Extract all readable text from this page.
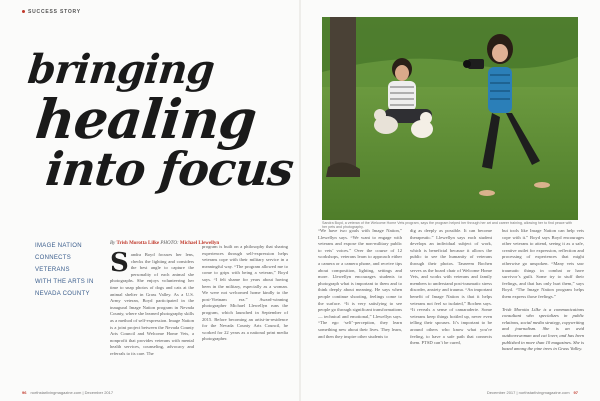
SUCCESS STORY
bringing
healing
into focus
IMAGE NATION
CONNECTS VETERANS
WITH THE ARTS IN
NEVADA COUNTY
By Trish Morotta Lilke PHOTO: Michael Llewellyn
Sandra Boyd focuses her lens, checks the lighting and considers the best angle to capture the personality of each animal she photographs. She enjoys volunteering her time to snap photos of dogs and cats at the animal shelter in Grass Valley. As a U.S. Army veteran, Boyd participated in the inaugural Image Nation program in Nevada County, where she learned photography skills as a method of self-expression. Image Nation is a joint project between the Nevada County Arts Council and Welcome Home Vets, a nonprofit that provides veterans with mental health services, counseling, advocacy and referrals to its care. The
program is built on a philosophy that sharing experiences through self-expression helps veterans cope with their military service in a meaningful way. “The program allowed me to come to grips with being a veteran,” Boyd says. “I felt shame for years about having been in the military, especially as a woman. We were not welcomed home kindly to the post-Vietnam era.” Award-winning photographer Michael Llewellyn runs the program, which launched in September of 2015. Before becoming an artist-in-residence for the Nevada County Arts Council, he worked for 22 years as a national print media photographer.
96 northstarlivingmagazine.com | December 2017
Sandra Boyd, a veteran of the Welcome Home Vets program, says the program helped her through her art and career training, allowing her to find peace with her pets and photography.
“We have two goals with Image Nation,” Llewellyn says. “We want to engage with veterans and expose the non-military public to vets’ voices.” Over the course of 12 workshops, veterans learn to approach either a camera or a camera phone, and receive tips about composition, lighting, settings and more. Llewellyn encourages students to photograph what is important to them and to think deeply about meaning. He says when people continue shooting, feelings come to the surface. “It is very satisfying to see people go through significant transformations — technical and emotional,” Llewellyn says. “The ego ‘self’-perception, they learn something new about their lives. They learn, and then they inspire other students to
dig as deeply as possible. It can become therapeutic.” Llewellyn says each student develops an individual subject of work, which is beneficial because it allows the public to see the humanity of veterans through their photos. Tasneem Bochen serves as the board chair of Welcome Home Vets, and works with veterans and family members to understand post-traumatic stress disorder, anxiety and trauma. “An important benefit of Image Nation is that it helps veterans not feel so isolated,” Bochen says. “It reveals a sense of camaraderie. Some veterans keep things bottled up, never even telling their spouses. It’s important to be around others who know what you’re feeling, to have a safe path that connects them. PTSD can’t be cured,
but tools like Image Nation can help vets cope with it.” Boyd says Boyd encourages other veterans to attend, seeing it as a safe, creative outlet for expression, reflection and processing of experiences that might otherwise go unspoken. “Many vets saw traumatic things in combat or have survivor’s guilt. Some try to stuff their feelings, and that has only hurt them,” says Boyd. “The Image Nation program helps them express those feelings.”
Trish Morotta Lilke is a communications consultant who specializes in public relations, social media strategy, copywriting and journalism. She is an avid outdoorswoman and cat lover, and has been published in more than 10 magazines. She is based among the pine trees in Grass Valley.
December 2017 | northstarlivingmagazine.com 97
